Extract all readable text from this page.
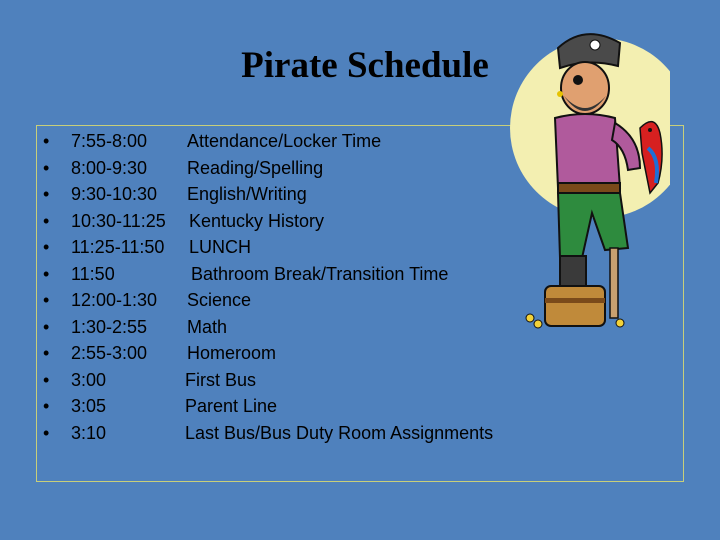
Pirate Schedule
• 7:55-8:00 Attendance/Locker Time
• 8:00-9:30 Reading/Spelling
• 9:30-10:30 English/Writing
• 10:30-11:25 Kentucky History
• 11:25-11:50 LUNCH
• 11:50	Bathroom Break/Transition Time
• 12:00-1:30 Science
• 1:30-2:55 Math
• 2:55-3:00 Homeroom
• 3:00	First Bus
• 3:05	Parent Line
• 3:10	Last Bus/Bus Duty Room Assignments
